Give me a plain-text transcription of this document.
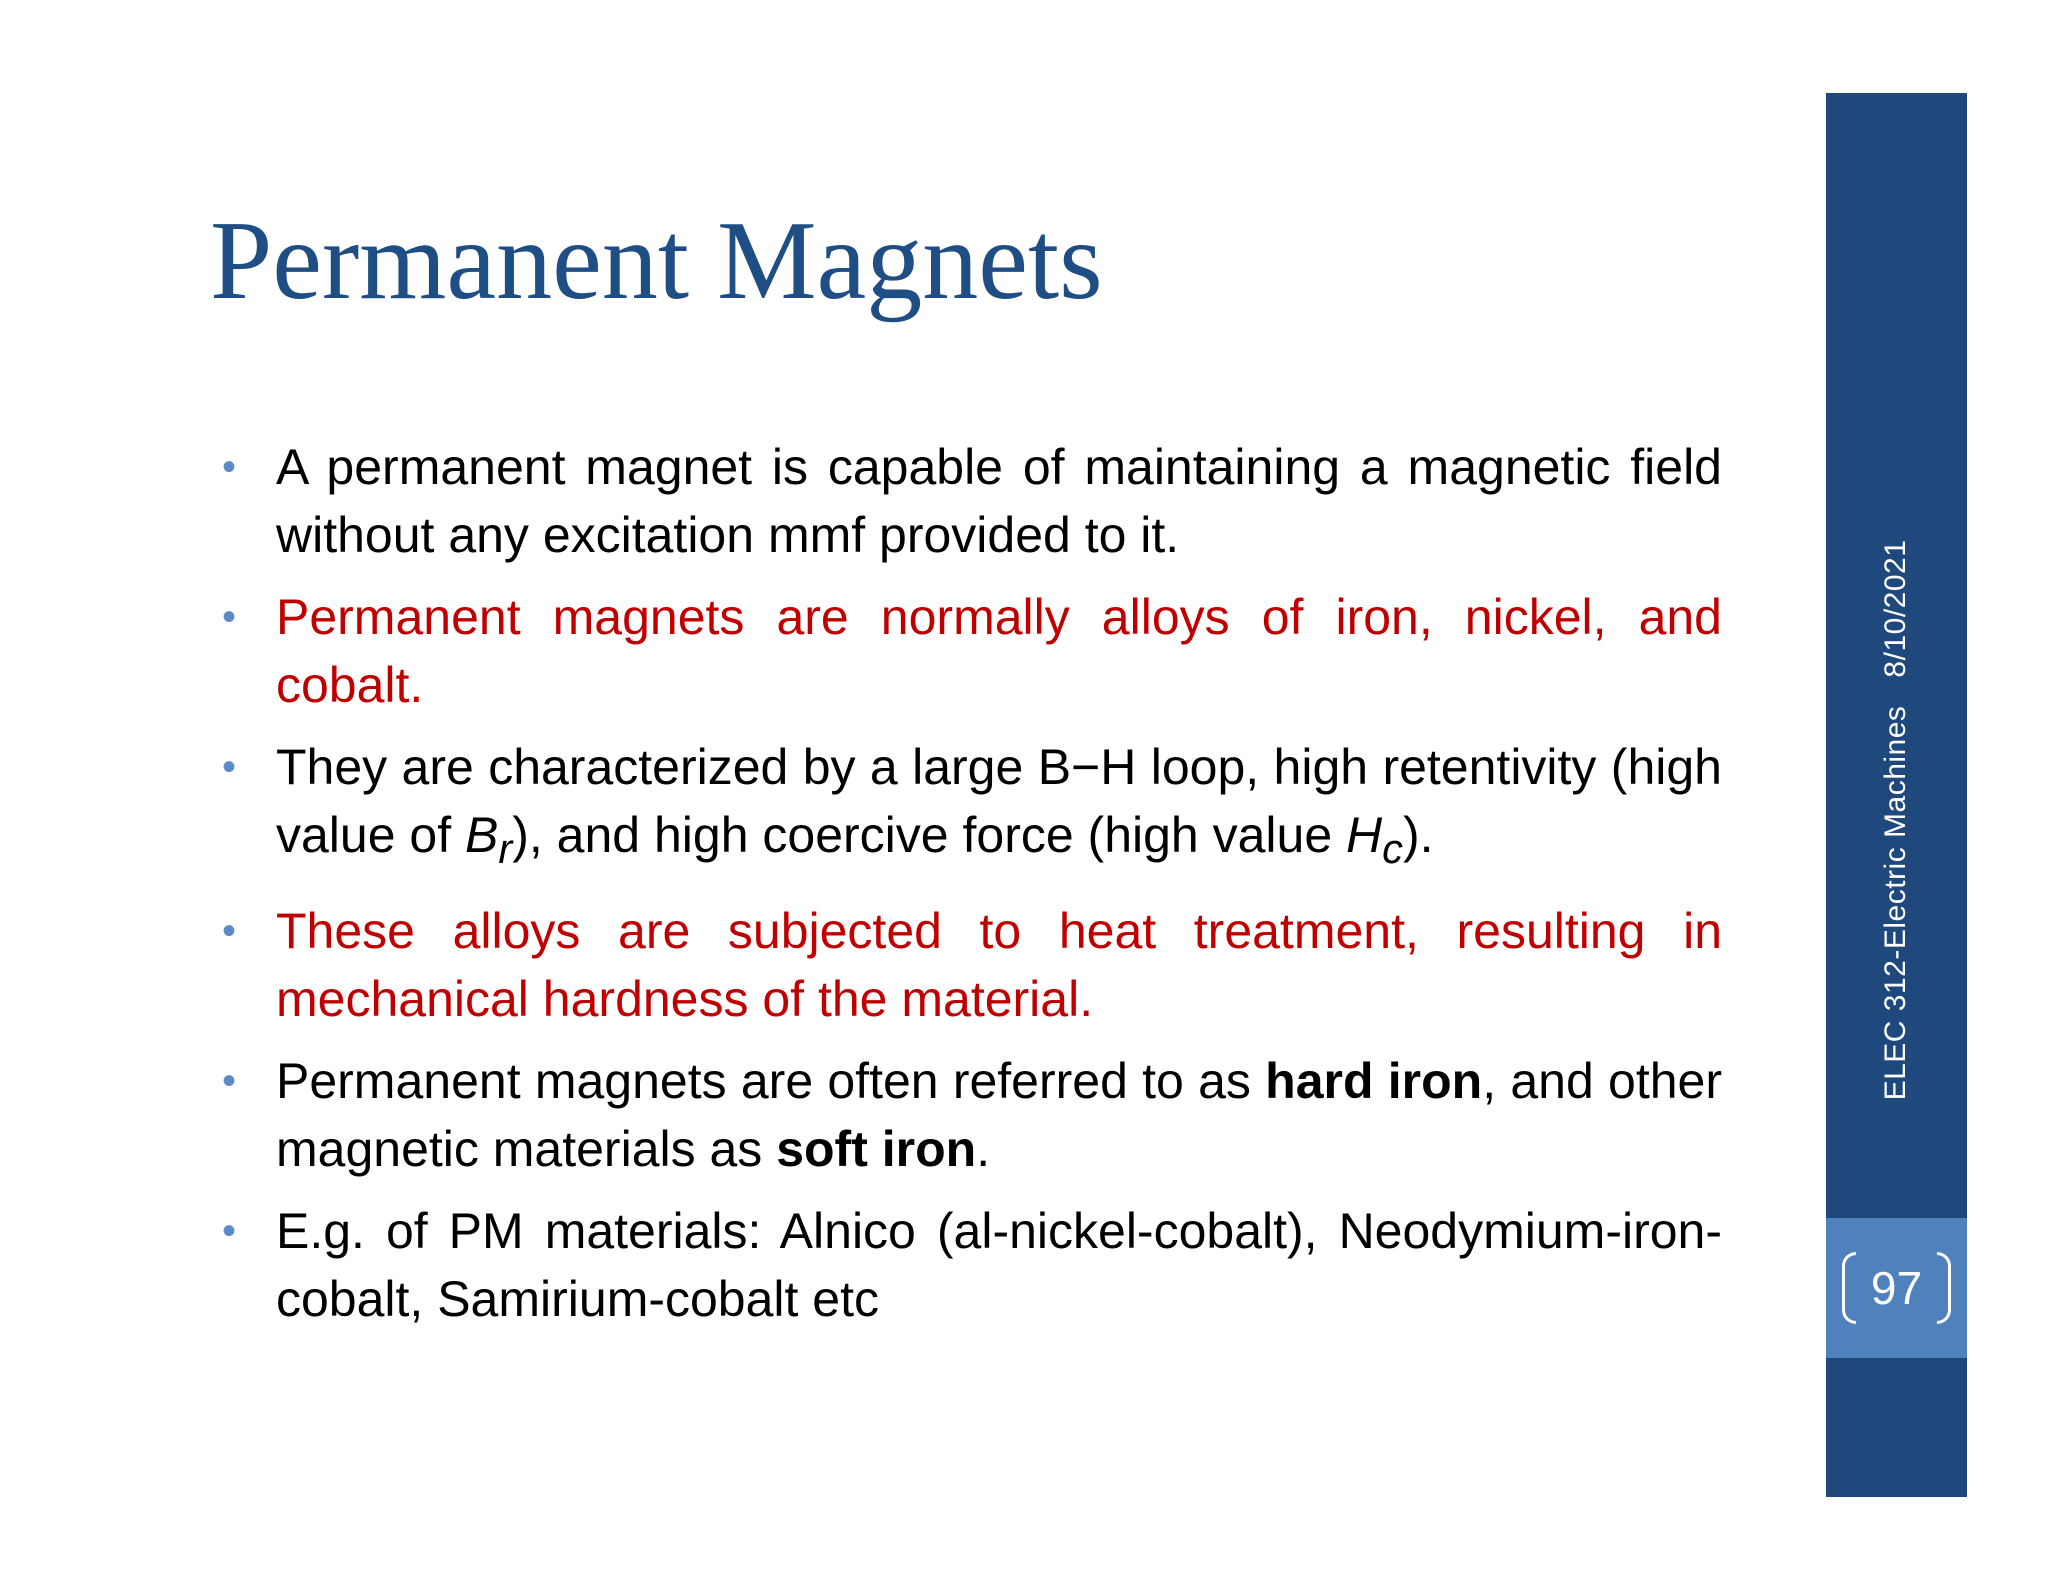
Permanent Magnets
• A permanent magnet is capable of maintaining a magnetic field without any excitation mmf provided to it.
• Permanent magnets are normally alloys of iron, nickel, and cobalt.
• They are characterized by a large B−H loop, high retentivity (high value of $B_r$), and high coercive force (high value $H_c$).
• These alloys are subjected to heat treatment, resulting in mechanical hardness of the material.
• Permanent magnets are often referred to as hard iron, and other magnetic materials as soft iron.
• E.g. of PM materials: Alnico (al-nickel-cobalt), Neodymium-iron-cobalt, Samirium-cobalt etc
ELEC 312-Electric Machines8/10/2021
97
